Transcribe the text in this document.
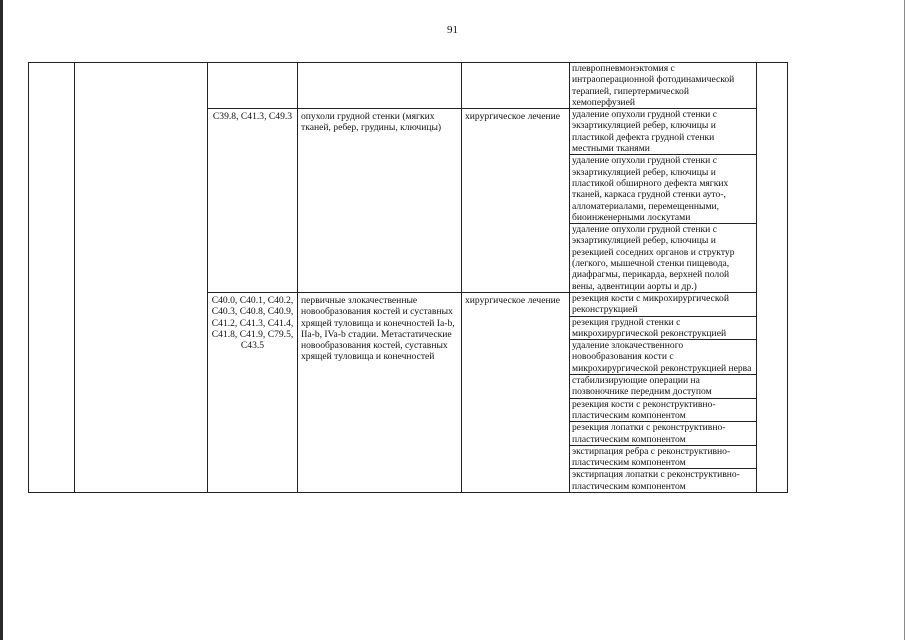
91
					плевропневмонэктомия с интраоперационной фотодинамической терапией, гипертермической хемоперфузией	
		C39.8, C41.3, C49.3	опухоли грудной стенки (мягких тканей, ребер, грудины, ключицы)	хирургическое лечение	удаление опухоли грудной стенки с экзартикуляцией ребер, ключицы и пластикой дефекта грудной стенки местными тканями	
					удаление опухоли грудной стенки с экзартикуляцией ребер, ключицы и пластикой обширного дефекта мягких тканей, каркаса грудной стенки ауто-, алломатериалами, перемещенными, биоинженерными лоскутами	
					удаление опухоли грудной стенки с экзартикуляцией ребер, ключицы и резекцией соседних органов и структур (легкого, мышечной стенки пищевода, диафрагмы, перикарда, верхней полой вены, адвентиции аорты и др.)	
		C40.0, C40.1, C40.2, C40.3, C40.8, C40.9, C41.2, C41.3, C41.4, C41.8, C41.9, C79.5, C43.5	первичные злокачественные новообразования костей и суставных хрящей туловища и конечностей Ia-b, IIa-b, IVa-b стадии. Метастатические новообразования костей, суставных хрящей туловища и конечностей	хирургическое лечение	резекция кости с микрохирургической реконструкцией	
					резекция грудной стенки с микрохирургической реконструкцией	
					удаление злокачественного новообразования кости с микрохирургической реконструкцией нерва	
					стабилизирующие операции на позвоночнике передним доступом	
					резекция кости с реконструктивно-пластическим компонентом	
					резекция лопатки с реконструктивно-пластическим компонентом	
					экстирпация ребра с реконструктивно-пластическим компонентом	
					экстирпация лопатки с реконструктивно-пластическим компонентом	
